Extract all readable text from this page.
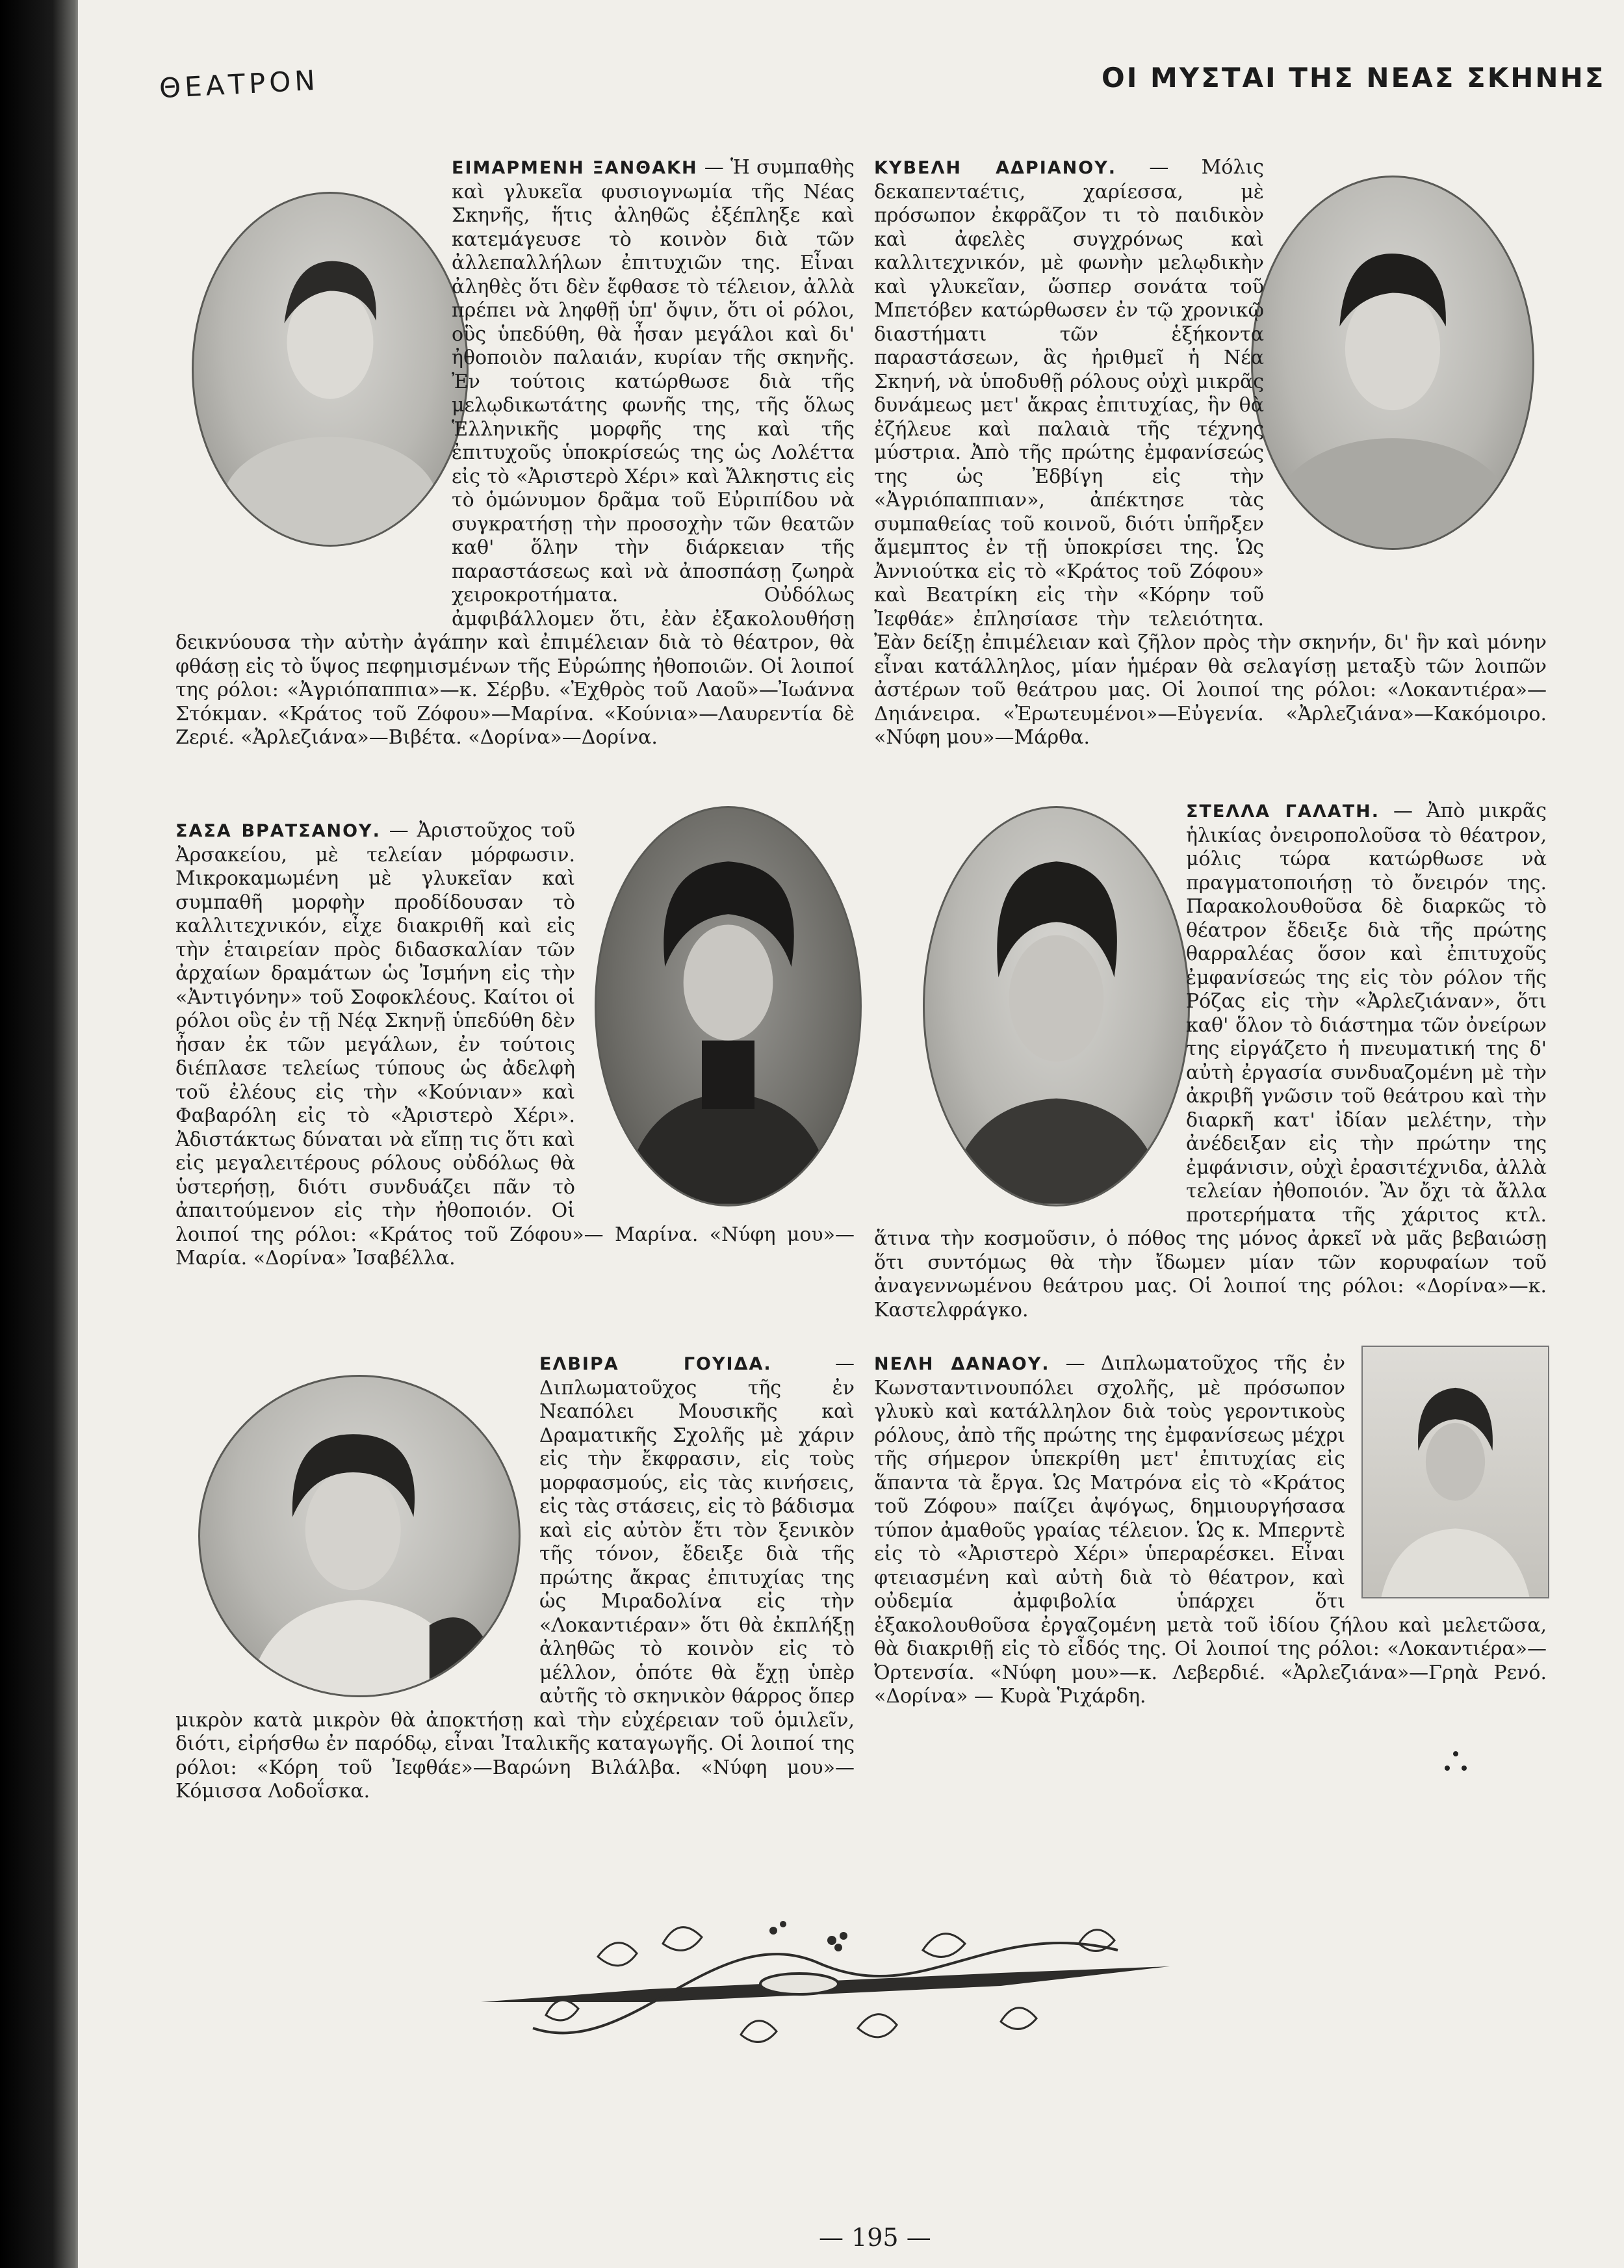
ΘΕΑΤΡΟΝ	ΟΙ ΜΥΣΤΑΙ ΤΗΣ ΝΕΑΣ ΣΚΗΝΗΣ
ΕΙΜΑΡΜΕΝΗ ΞΑΝΘΑΚΗ — Ἡ συμπαθὴς καὶ γλυκεῖα φυσιογνωμία τῆς Νέας Σκηνῆς, ἥτις ἀληθῶς ἐξέπληξε καὶ κατεμάγευσε τὸ κοινὸν διὰ τῶν ἀλλεπαλλήλων ἐπιτυχιῶν της. Εἶναι ἀληθὲς ὅτι δὲν ἔφθασε τὸ τέλειον, ἀλλὰ πρέπει νὰ ληφθῇ ὑπ' ὄψιν, ὅτι οἱ ρόλοι, οὓς ὑπεδύθη, θὰ ἦσαν μεγάλοι καὶ δι' ἠθοποιὸν παλαιάν, κυρίαν τῆς σκηνῆς. Ἐν τούτοις κατώρθωσε διὰ τῆς μελῳδικωτάτης φωνῆς της, τῆς ὅλως Ἑλληνικῆς μορφῆς της καὶ τῆς ἐπιτυχοῦς ὑποκρίσεώς της ὡς Λολέττα εἰς τὸ «Ἀριστερὸ Χέρι» καὶ Ἄλκηστις εἰς τὸ ὁμώνυμον δρᾶμα τοῦ Εὐριπίδου νὰ συγκρατήσῃ τὴν προσοχὴν τῶν θεατῶν καθ' ὅλην τὴν διάρκειαν τῆς παραστάσεως καὶ νὰ ἀποσπάσῃ ζωηρὰ χειροκροτήματα. Οὐδόλως ἀμφιβάλλομεν ὅτι, ἐὰν ἐξακολουθήσῃ δεικνύουσα τὴν αὐτὴν ἀγάπην καὶ ἐπιμέλειαν διὰ τὸ θέατρον, θὰ φθάσῃ εἰς τὸ ὕψος πεφημισμένων τῆς Εὐρώπης ἠθοποιῶν. Οἱ λοιποί της ρόλοι: «Ἀγριόπαππια»—κ. Σέρβυ. «Ἐχθρὸς τοῦ Λαοῦ»—Ἰωάννα Στόκμαν. «Κράτος τοῦ Ζόφου»—Μαρίνα. «Κούνια»—Λαυρεντία δὲ Ζεριέ. «Ἀρλεζιάνα»—Βιβέτα. «Δορίνα»—Δορίνα.
ΚΥΒΕΛΗ ΑΔΡΙΑΝΟΥ. — Μόλις δεκαπενταέτις, χαρίεσσα, μὲ πρόσωπον ἐκφρᾶζον τι τὸ παιδικὸν καὶ ἀφελὲς συγχρόνως καὶ καλλιτεχνικόν, μὲ φωνὴν μελῳδικὴν καὶ γλυκεῖαν, ὥσπερ σονάτα τοῦ Μπετόβεν κατώρθωσεν ἐν τῷ χρονικῷ διαστήματι τῶν ἑξήκοντα παραστάσεων, ἃς ἠριθμεῖ ἡ Νέα Σκηνή, νὰ ὑποδυθῇ ρόλους οὐχὶ μικρᾶς δυνάμεως μετ' ἄκρας ἐπιτυχίας, ἣν θὰ ἐζήλευε καὶ παλαιὰ τῆς τέχνης μύστρια. Ἀπὸ τῆς πρώτης ἐμφανίσεώς της ὡς Ἐδβίγη εἰς τὴν «Ἀγριόπαππιαν», ἀπέκτησε τὰς συμπαθείας τοῦ κοινοῦ, διότι ὑπῆρξεν ἄμεμπτος ἐν τῇ ὑποκρίσει της. Ὡς Ἀννιούτκα εἰς τὸ «Κράτος τοῦ Ζόφου» καὶ Βεατρίκη εἰς τὴν «Κόρην τοῦ Ἰεφθάε» ἐπλησίασε τὴν τελειότητα. Ἐὰν δείξῃ ἐπιμέλειαν καὶ ζῆλον πρὸς τὴν σκηνήν, δι' ἣν καὶ μόνην εἶναι κατάλληλος, μίαν ἡμέραν θὰ σελαγίσῃ μεταξὺ τῶν λοιπῶν ἀστέρων τοῦ θεάτρου μας. Οἱ λοιποί της ρόλοι: «Λοκαντιέρα»—Δηιάνειρα. «Ἐρωτευμένοι»—Εὐγενία. «Ἀρλεζιάνα»—Κακόμοιρο. «Νύφη μου»—Μάρθα.
ΣΑΣΑ ΒΡΑΤΣΑΝΟΥ. — Ἀριστοῦχος τοῦ Ἀρσακείου, μὲ τελείαν μόρφωσιν. Μικροκαμωμένη μὲ γλυκεῖαν καὶ συμπαθῆ μορφὴν προδίδουσαν τὸ καλλιτεχνικόν, εἶχε διακριθῆ καὶ εἰς τὴν ἑταιρείαν πρὸς διδασκαλίαν τῶν ἀρχαίων δραμάτων ὡς Ἰσμήνη εἰς τὴν «Ἀντιγόνην» τοῦ Σοφοκλέους. Καίτοι οἱ ρόλοι οὓς ἐν τῇ Νέᾳ Σκηνῇ ὑπεδύθη δὲν ἦσαν ἐκ τῶν μεγάλων, ἐν τούτοις διέπλασε τελείως τύπους ὡς ἀδελφὴ τοῦ ἐλέους εἰς τὴν «Κούνιαν» καὶ Φαβαρόλη εἰς τὸ «Ἀριστερὸ Χέρι». Ἀδιστάκτως δύναται νὰ εἴπῃ τις ὅτι καὶ εἰς μεγαλειτέρους ρόλους οὐδόλως θὰ ὑστερήσῃ, διότι συνδυάζει πᾶν τὸ ἀπαιτούμενον εἰς τὴν ἠθοποιόν. Οἱ λοιποί της ρόλοι: «Κράτος τοῦ Ζόφου»— Μαρίνα. «Νύφη μου»—Μαρία. «Δορίνα» Ἰσαβέλλα.
ΣΤΕΛΛΑ ΓΑΛΑΤΗ. — Ἀπὸ μικρᾶς ἡλικίας ὀνειροπολοῦσα τὸ θέατρον, μόλις τώρα κατώρθωσε νὰ πραγματοποιήσῃ τὸ ὄνειρόν της. Παρακολουθοῦσα δὲ διαρκῶς τὸ θέατρον ἔδειξε διὰ τῆς πρώτης θαρραλέας ὅσον καὶ ἐπιτυχοῦς ἐμφανίσεώς της εἰς τὸν ρόλον τῆς Ρόζας εἰς τὴν «Ἀρλεζιάναν», ὅτι καθ' ὅλον τὸ διάστημα τῶν ὀνείρων της εἰργάζετο ἡ πνευματική της δ' αὐτὴ ἐργασία συνδυαζομένη μὲ τὴν ἀκριβῆ γνῶσιν τοῦ θεάτρου καὶ τὴν διαρκῆ κατ' ἰδίαν μελέτην, τὴν ἀνέδειξαν εἰς τὴν πρώτην της ἐμφάνισιν, οὐχὶ ἐρασιτέχνιδα, ἀλλὰ τελείαν ἠθοποιόν. Ἂν ὄχι τὰ ἄλλα προτερήματα τῆς χάριτος κτλ. ἅτινα τὴν κοσμοῦσιν, ὁ πόθος της μόνος ἀρκεῖ νὰ μᾶς βεβαιώσῃ ὅτι συντόμως θὰ τὴν ἴδωμεν μίαν τῶν κορυφαίων τοῦ ἀναγεννωμένου θεάτρου μας. Οἱ λοιποί της ρόλοι: «Δορίνα»—κ. Καστελφράγκο.
ΕΛΒΙΡΑ ΓΟΥΙΔΑ.	— Διπλωματοῦχος τῆς ἐν Νεαπόλει Μουσικῆς καὶ Δραματικῆς Σχολῆς μὲ χάριν εἰς τὴν ἔκφρασιν, εἰς τοὺς μορφασμούς, εἰς τὰς κινήσεις, εἰς τὰς στάσεις, εἰς τὸ βάδισμα καὶ εἰς αὐτὸν ἔτι τὸν ξενικὸν τῆς τόνον, ἔδειξε διὰ τῆς πρώτης ἄκρας ἐπιτυχίας της ὡς Μιραδολίνα εἰς τὴν «Λοκαντιέραν» ὅτι θὰ ἐκπλήξῃ ἀληθῶς τὸ κοινὸν εἰς τὸ μέλλον, ὁπότε θὰ ἔχῃ ὑπὲρ αὐτῆς τὸ σκηνικὸν θάρρος ὅπερ μικρὸν κατὰ μικρὸν θὰ ἀποκτήσῃ καὶ τὴν εὐχέρειαν τοῦ ὁμιλεῖν, διότι, εἰρήσθω ἐν παρόδῳ, εἶναι Ἰταλικῆς καταγωγῆς. Οἱ λοιποί της ρόλοι: «Κόρη τοῦ Ἰεφθάε»—Βαρώνη Βιλάλβα. «Νύφη μου»—Κόμισσα Λοδοΐσκα.
ΝΕΛΗ ΔΑΝΑΟΥ. — Διπλωματοῦχος τῆς ἐν Κωνσταντινουπόλει σχολῆς, μὲ πρόσωπον γλυκὺ καὶ κατάλληλον διὰ τοὺς γεροντικοὺς ρόλους, ἀπὸ τῆς πρώτης της ἐμφανίσεως μέχρι τῆς σήμερον ὑπεκρίθη μετ' ἐπιτυχίας εἰς ἅπαντα τὰ ἔργα. Ὡς Ματρόνα εἰς τὸ «Κράτος τοῦ Ζόφου» παίζει ἀψόγως, δημιουργήσασα τύπον ἀμαθοῦς γραίας τέλειον. Ὡς κ. Μπερντὲ εἰς τὸ «Ἀριστερὸ Χέρι» ὑπεραρέσκει. Εἶναι φτειασμένη καὶ αὐτὴ διὰ τὸ θέατρον, καὶ οὐδεμία ἀμφιβολία ὑπάρχει ὅτι ἐξακολουθοῦσα ἐργαζομένη μετὰ τοῦ ἰδίου ζήλου καὶ μελετῶσα, θὰ διακριθῇ εἰς τὸ εἶδός της. Οἱ λοιποί της ρόλοι: «Λοκαντιέρα»—Ὀρτενσία. «Νύφη μου»—κ. Λεβερδιέ. «Ἀρλεζιάνα»—Γρηὰ Ρενό. «Δορίνα» — Κυρὰ Ῥιχάρδη.
— 195 —
